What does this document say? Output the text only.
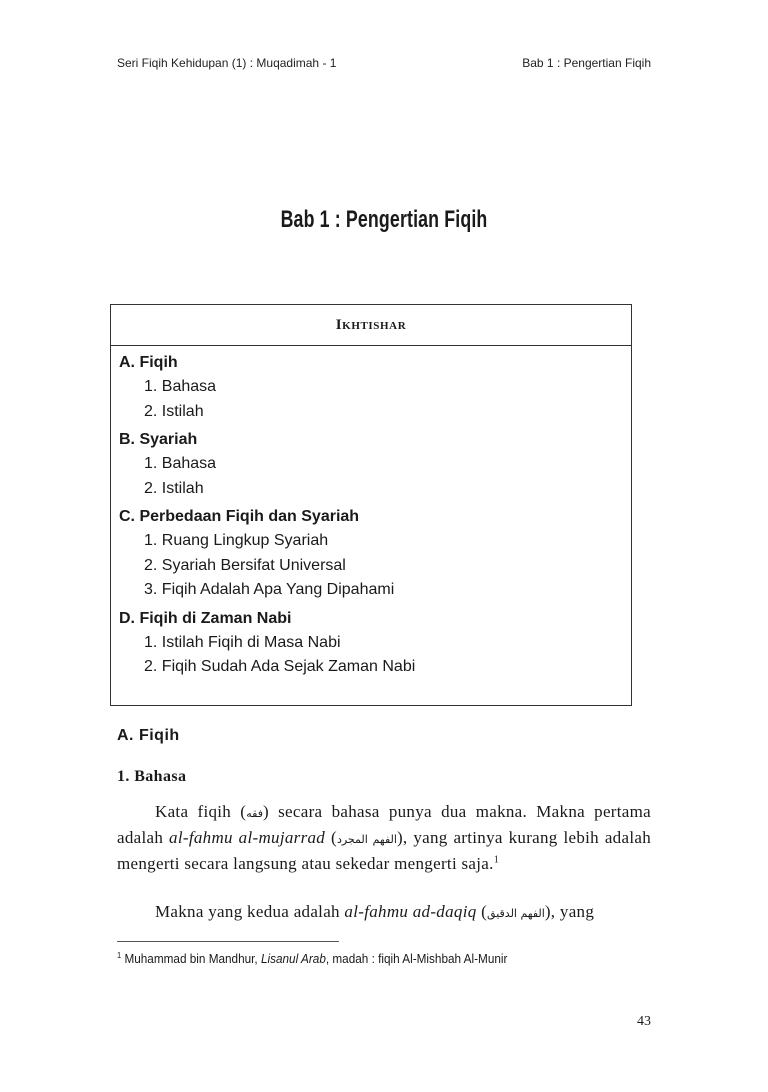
Seri Fiqih Kehidupan (1) : Muqadimah - 1	Bab 1 : Pengertian Fiqih
Bab 1 : Pengertian Fiqih
Ikhtishar
A. Fiqih
1. Bahasa
2. Istilah
B. Syariah
1. Bahasa
2. Istilah
C. Perbedaan Fiqih dan Syariah
1. Ruang Lingkup Syariah
2. Syariah Bersifat Universal
3. Fiqih Adalah Apa Yang Dipahami
D. Fiqih di Zaman Nabi
1. Istilah Fiqih di Masa Nabi
2. Fiqih Sudah Ada Sejak Zaman Nabi
A. Fiqih
1. Bahasa
Kata fiqih (فقه) secara bahasa punya dua makna. Makna pertama adalah al-fahmu al-mujarrad (الفهم المجرد), yang artinya kurang lebih adalah mengerti secara langsung atau sekedar mengerti saja.$^1$
Makna yang kedua adalah al-fahmu ad-daqiq (الفهم الدقيق), yang
$^1$ Muhammad bin Mandhur, Lisanul Arab, madah : fiqih Al-Mishbah Al-Munir
43
